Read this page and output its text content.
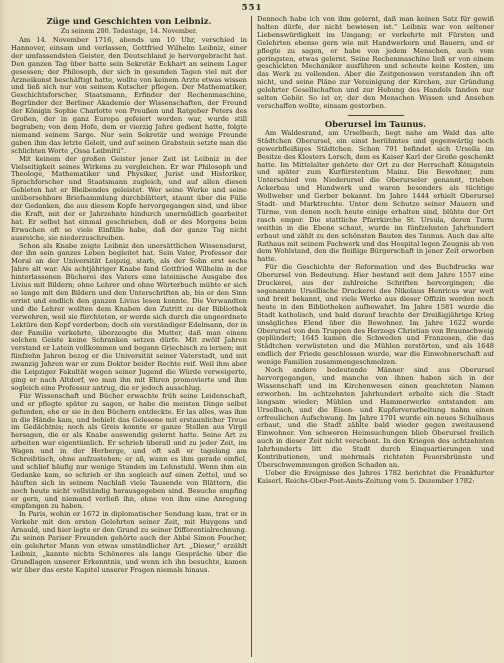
551
Züge und Geschichten von Leibniz.
Zu seinem 200. Todestage, 14. November.

Am 14. November 1716, abends um 10 Uhr, verschied in Hannover, einsam und verlassen, Gottfried Wilhelm Leibniz, einer der umfassendsten Geister, den Deutschland je hervorgebracht hat. Den ganzen Tag über hatte sein Sekretär Eckhart an seinem Lager gesessen; der Philosoph, der sich in gesunden Tagen viel mit der Arzneikunst beschäftigt hatte, wollte von keinem Arzte etwas wissen und ließ sich nur von seinem Kutscher pflegen. Der Mathematiker, Geschichtsforscher, Staatsmann, Erfinder der Rechenmaschine, Begründer der Berliner Akademie der Wissenschaften, der Freund der Königin Sophie Charlotte von Preußen und Ratgeber Peters des Großen, der in ganz Europa gefeiert worden war, wurde still begraben; von dem Hofe, dem er vierzig Jahre gedient hatte, folgte niemand seinem Sarge. Nur sein Sekretär und wenige Freunde gaben ihm das letzte Geleit, und auf seinen Grabstein setzte man die schlichten Worte „Ossa Leibnitii“.

Mit keinem der großen Geister jener Zeit ist Leibniz in der Vielseitigkeit seines Wirkens zu vergleichen. Er war Philosoph und Theologe, Mathematiker und Physiker, Jurist und Historiker, Sprachforscher und Staatsmann zugleich, und auf allen diesen Gebieten hat er Bleibendes geleistet. Wer seine Werke und seine unübersehbare Briefsammlung durchblättert, staunt über die Fülle der Gedanken, die aus diesem Kopfe hervorgegangen sind, und über die Kraft, mit der er Jahrzehnte hindurch unermüdlich gearbeitet hat. Er selbst hat einmal geschrieben, daß er des Morgens beim Erwachen oft so viele Einfälle habe, daß der ganze Tag nicht ausreiche, sie niederzuschreiben.

Schon als Knabe zeigte Leibniz den unersättlichen Wissensdurst, der ihn sein ganzes Leben begleitet hat. Sein Vater, Professor der Moral an der Universität Leipzig, starb, als der Sohn erst sechs Jahre alt war. Als achtjähriger Knabe fand Gottfried Wilhelm in der hinterlassenen Bücherei des Vaters eine lateinische Ausgabe des Livius mit Bildern; ohne Lehrer und ohne Wörterbuch mühte er sich so lange mit den Bildern und den Unterschriften ab, bis er den Sinn erriet und endlich den ganzen Livius lesen konnte. Die Verwandten und die Lehrer wollten dem Knaben den Zutritt zu der Bibliothek verwehren, weil sie fürchteten, er werde sich durch die ungeordnete Lektüre den Kopf verderben; doch ein verständiger Edelmann, der in der Familie verkehrte, überzeugte die Mutter, daß man einem solchen Geiste keine Schranken setzen dürfe. Mit zwölf Jahren verstand er Latein vollkommen und begann Griechisch zu lernen; mit fünfzehn Jahren bezog er die Universität seiner Vaterstadt, und mit zwanzig Jahren war er zum Doktor beider Rechte reif. Weil ihm aber die Leipziger Fakultät wegen seiner Jugend die Würde verweigerte, ging er nach Altdorf, wo man ihn mit Ehren promovierte und ihm sogleich eine Professur antrug, die er jedoch ausschlug.

Für Wissenschaft und Bücher erwachte früh seine Leidenschaft, und er pflegte später zu sagen, er habe die meisten Dinge selbst gefunden, ehe er sie in den Büchern entdeckte. Er las alles, was ihm in die Hände kam, und behielt das Gelesene mit erstaunlicher Treue im Gedächtnis; noch als Greis konnte er ganze Stellen aus Virgil hersagen, die er als Knabe auswendig gelernt hatte. Seine Art zu arbeiten war eigentümlich. Er schrieb überall und zu jeder Zeit, im Wagen und in der Herberge, und oft saß er tagelang am Schreibtisch, ohne aufzustehen; er aß, wann es ihm gerade einfiel, und schlief häufig nur wenige Stunden im Lehnstuhl. Wenn ihm ein Gedanke kam, so schrieb er ihn sogleich auf einen Zettel, und so häuften sich in seinem Nachlaß viele Tausende von Blättern, die noch heute nicht vollständig herausgegeben sind. Besuche empfing er gern, und niemand verließ ihn, ohne von ihm eine Anregung empfangen zu haben.

In Paris, wohin er 1672 in diplomatischer Sendung kam, trat er in Verkehr mit den ersten Gelehrten seiner Zeit, mit Huygens und Arnauld, und hier legte er den Grund zu seiner Differentialrechnung. Zu seinen Pariser Freunden gehörte auch der Abbé Simon Foucher, ein gelehrter Mann von etwas umständlicher Art. „Dieser,“ erzählt Leibniz, „kannte nichts Schöneres als lange Gespräche über die Grundlagen unserer Erkenntnis, und wenn ich ihn besuchte, kamen wir über das erste Kapitel unserer Fragen niemals hinaus.

Dennoch habe ich von ihm gelernt, daß man keinen Satz für gewiß halten dürfe, der nicht bewiesen ist.“ Leibniz war von seltener Liebenswürdigkeit im Umgang; er verkehrte mit Fürsten und Gelehrten ebenso gern wie mit Handwerkern und Bauern, und er pflegte zu sagen, er habe von jedem Menschen, auch vom geringsten, etwas gelernt. Seine Rechenmaschine ließ er von einem geschickten Mechaniker ausführen und scheute keine Kosten, um das Werk zu vollenden. Aber die Zeitgenossen verstanden ihn oft nicht, und seine Pläne zur Vereinigung der Kirchen, zur Gründung gelehrter Gesellschaften und zur Hebung des Handels fanden nur selten Gehör. So ist er, der den Menschen Wissen und Ansehen verschaffen wollte, einsam gestorben.

Oberursel im Taunus.

Am Waldesrand, am Urselbach, liegt nahe am Wald das alte Städtchen Oberursel, ein einst berühmtes und gegenwärtig noch gewerbfleißiges Städtchen. Schon 791 befindet sich Ursella im Besitze des Klosters Lorsch, dem es Kaiser Karl der Große geschenkt hatte. Im Mittelalter gehörte der Ort zu der Herrschaft Königstein und später zum Kurfürstentum Mainz. Die Bewohner, zum Unterschied von Niederursel die Oberurseler genannt, trieben Ackerbau und Handwerk und waren besonders als tüchtige Wollweber und Gerber bekannt. Im Jahre 1444 erhielt Oberursel Stadt- und Marktrechte. Unter dem Schutze seiner Mauern und Türme, von denen noch heute einige erhalten sind, blühte der Ort rasch empor. Die stattliche Pfarrkirche St. Ursula, deren Turm weithin in die Ebene schaut, wurde im fünfzehnten Jahrhundert erbaut und zählt zu den schönsten Bauten des Taunus. Auch das alte Rathaus mit seinem Fachwerk und das Hospital legen Zeugnis ab von dem Wohlstand, den die fleißige Bürgerschaft in jener Zeit erworben hatte.

Für die Geschichte der Reformation und des Buchdrucks war Oberursel von Bedeutung. Hier bestand seit dem Jahre 1557 eine Druckerei, aus der zahlreiche Schriften hervorgingen; die sogenannte Ursellische Druckerei des Nikolaus Henricus war weit und breit bekannt, und viele Werke aus dieser Offizin werden noch heute in den Bibliotheken aufbewahrt. Im Jahre 1581 wurde die Stadt katholisch, und bald darauf brachte der Dreißigjährige Krieg unsägliches Elend über die Bewohner. Im Jahre 1622 wurde Oberursel von den Truppen des Herzogs Christian von Braunschweig geplündert; 1645 kamen die Schweden und Franzosen, die das Städtchen verwüsteten und die Mühlen zerstörten, und als 1648 endlich der Friede geschlossen wurde, war die Einwohnerschaft auf wenige Familien zusammengeschmolzen.

Noch andere bedeutende Männer sind aus Oberursel hervorgegangen, und manche von ihnen haben sich in der Wissenschaft und im Kirchenwesen einen geachteten Namen erworben. Im achtzehnten Jahrhundert erholte sich die Stadt langsam wieder; Mühlen und Hammerwerke entstanden am Urselbach, und die Eisen- und Kupferverarbeitung nahm einen erfreulichen Aufschwung. Im Jahre 1701 wurde ein neues Schulhaus erbaut, und die Stadt zählte bald wieder gegen zweitausend Einwohner. Von schweren Heimsuchungen blieb Oberursel freilich auch in dieser Zeit nicht verschont. In den Kriegen des achtzehnten Jahrhunderts litt die Stadt durch Einquartierungen und Kontributionen, und mehrmals richteten Feuersbrünste und Überschwemmungen großen Schaden an.

Ueber die Ereignisse des Jahres 1782 berichtet die Frankfurter Kaiserl. Reichs-Ober-Post-Amts-Zeitung vom 5. Dezember 1782:
